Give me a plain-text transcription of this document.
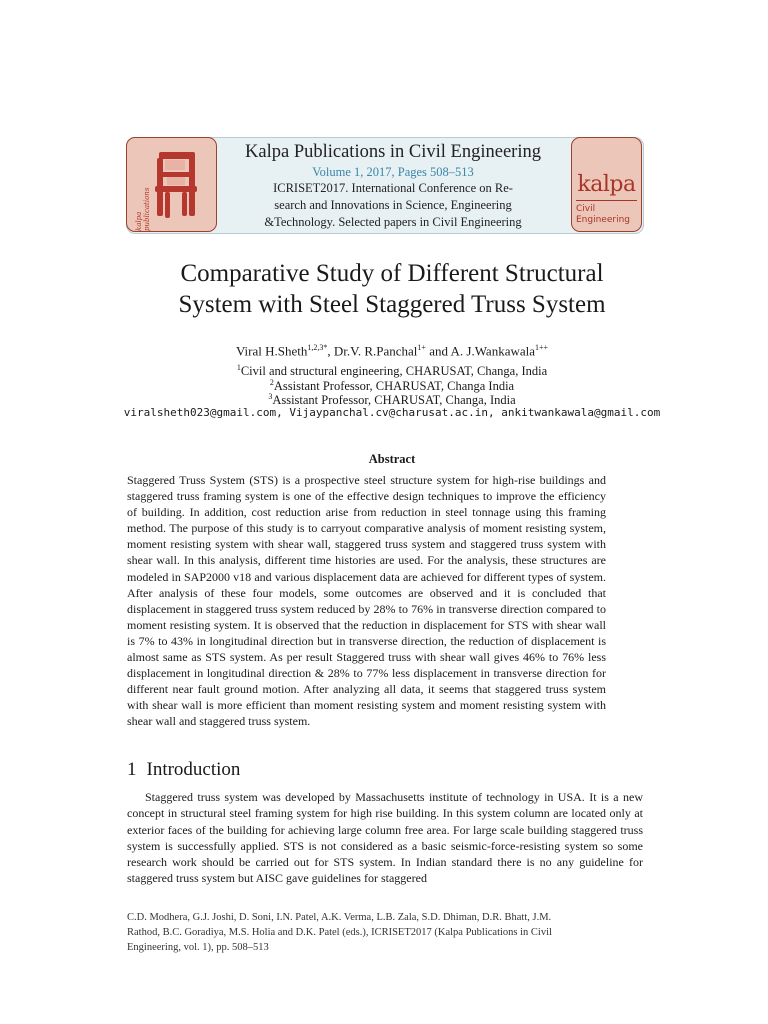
kalpa publications
Kalpa Publications in Civil Engineering
Volume 1, 2017, Pages 508–513
ICRISET2017. International Conference on Re-
search and Innovations in Science, Engineering
&Technology. Selected papers in Civil Engineering
kalpa
Civil
Engineering
Comparative Study of Different Structural
System with Steel Staggered Truss System
Viral H.Sheth$^{1,2,3*}$, Dr.V. R.Panchal$^{1+}$ and A. J.Wankawala$^{1++}$
$^1$Civil and structural engineering, CHARUSAT, Changa, India
$^2$Assistant Professor, CHARUSAT, Changa India
$^3$Assistant Professor, CHARUSAT, Changa, India
viralsheth023@gmail.com, Vijaypanchal.cv@charusat.ac.in, ankitwankawala@gmail.com
Abstract
Staggered Truss System (STS) is a prospective steel structure system for high-rise buildings and staggered truss framing system is one of the effective design techniques to improve the efficiency of building. In addition, cost reduction arise from reduction in steel tonnage using this framing method. The purpose of this study is to carryout comparative analysis of moment resisting system, moment resisting system with shear wall, staggered truss system and staggered truss system with shear wall. In this analysis, different time histories are used. For the analysis, these structures are modeled in SAP2000 v18 and various displacement data are achieved for different types of system. After analysis of these four models, some outcomes are observed and it is concluded that displacement in staggered truss system reduced by 28% to 76% in transverse direction compared to moment resisting system. It is observed that the reduction in displacement for STS with shear wall is 7% to 43% in longitudinal direction but in transverse direction, the reduction of displacement is almost same as STS system. As per result Staggered truss with shear wall gives 46% to 76% less displacement in longitudinal direction & 28% to 77% less displacement in transverse direction for different near fault ground motion. After analyzing all data, it seems that staggered truss system with shear wall is more efficient than moment resisting system and moment resisting system with shear wall and staggered truss system.
1 Introduction
Staggered truss system was developed by Massachusetts institute of technology in USA. It is a new concept in structural steel framing system for high rise building. In this system column are located only at exterior faces of the building for achieving large column free area. For large scale building staggered truss system is successfully applied. STS is not considered as a basic seismic-force-resisting system so some research work should be carried out for STS system. In Indian standard there is no any guideline for staggered truss system but AISC gave guidelines for staggered
C.D. Modhera, G.J. Joshi, D. Soni, I.N. Patel, A.K. Verma, L.B. Zala, S.D. Dhiman, D.R. Bhatt, J.M.
Rathod, B.C. Goradiya, M.S. Holia and D.K. Patel (eds.), ICRISET2017 (Kalpa Publications in Civil
Engineering, vol. 1), pp. 508–513
